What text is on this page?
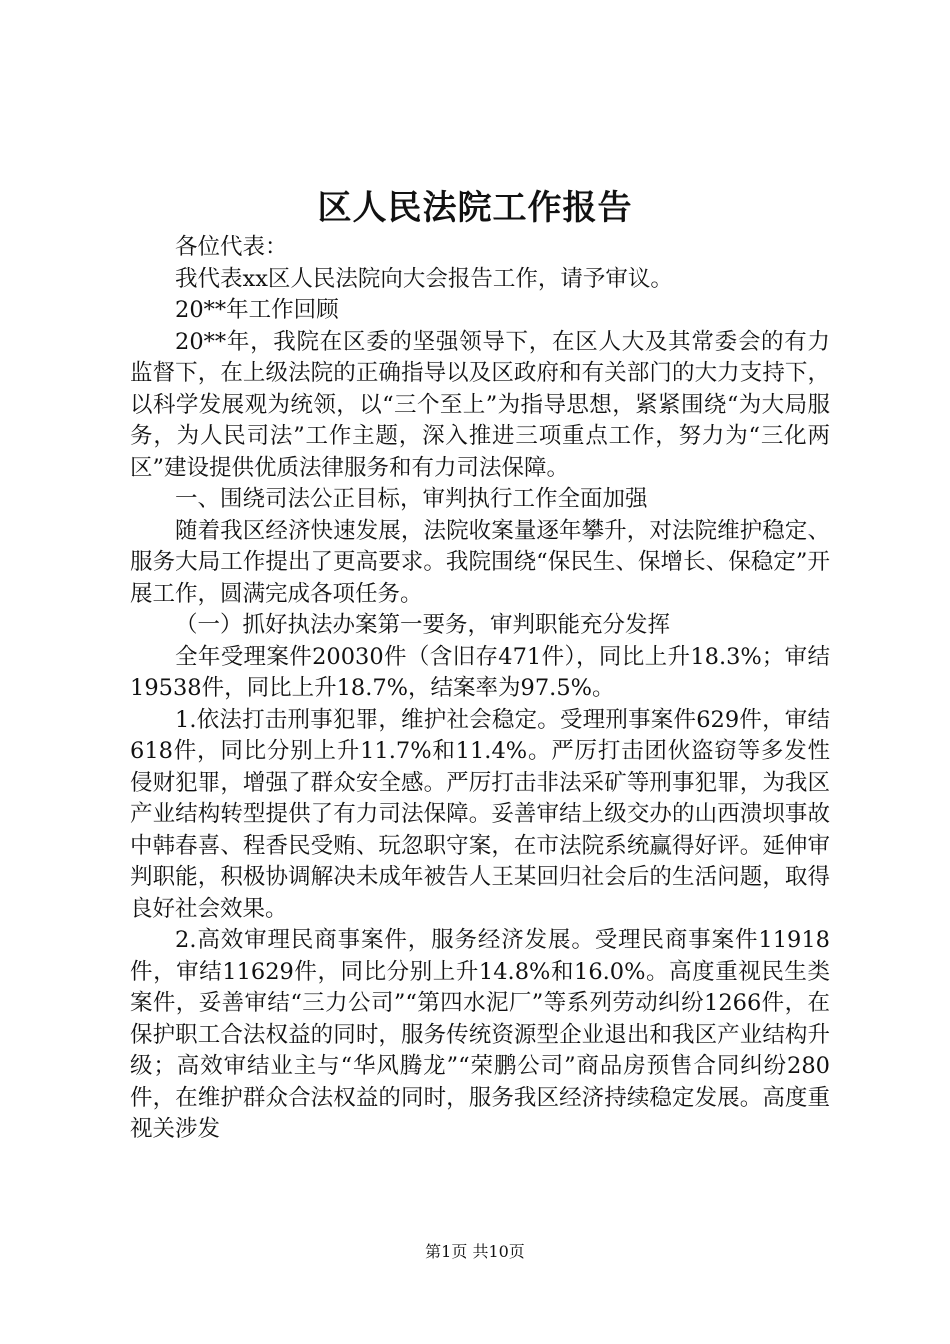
区人民法院工作报告

各位代表：

我代表xx区人民法院向大会报告工作，请予审议。

20**年工作回顾

20**年，我院在区委的坚强领导下，在区人大及其常委会的有力监督下，在上级法院的正确指导以及区政府和有关部门的大力支持下，以科学发展观为统领，以“三个至上”为指导思想，紧紧围绕“为大局服务，为人民司法”工作主题，深入推进三项重点工作，努力为“三化两区”建设提供优质法律服务和有力司法保障。

一、围绕司法公正目标，审判执行工作全面加强

随着我区经济快速发展，法院收案量逐年攀升，对法院维护稳定、服务大局工作提出了更高要求。我院围绕“保民生、保增长、保稳定”开展工作，圆满完成各项任务。

（一）抓好执法办案第一要务，审判职能充分发挥

全年受理案件20030件（含旧存471件），同比上升18.3%；审结19538件，同比上升18.7%，结案率为97.5%。

1.依法打击刑事犯罪，维护社会稳定。受理刑事案件629件，审结618件，同比分别上升11.7%和11.4%。严厉打击团伙盗窃等多发性侵财犯罪，增强了群众安全感。严厉打击非法采矿等刑事犯罪，为我区产业结构转型提供了有力司法保障。妥善审结上级交办的山西溃坝事故中韩春喜、程香民受贿、玩忽职守案，在市法院系统赢得好评。延伸审判职能，积极协调解决未成年被告人王某回归社会后的生活问题，取得良好社会效果。

2.高效审理民商事案件，服务经济发展。受理民商事案件11918件，审结11629件，同比分别上升14.8%和16.0%。高度重视民生类案件，妥善审结“三力公司”“第四水泥厂”等系列劳动纠纷1266件，在保护职工合法权益的同时，服务传统资源型企业退出和我区产业结构升级；高效审结业主与“华风腾龙”“荣鹏公司”商品房预售合同纠纷280件，在维护群众合法权益的同时，服务我区经济持续稳定发展。高度重视关涉发

第1页 共10页
